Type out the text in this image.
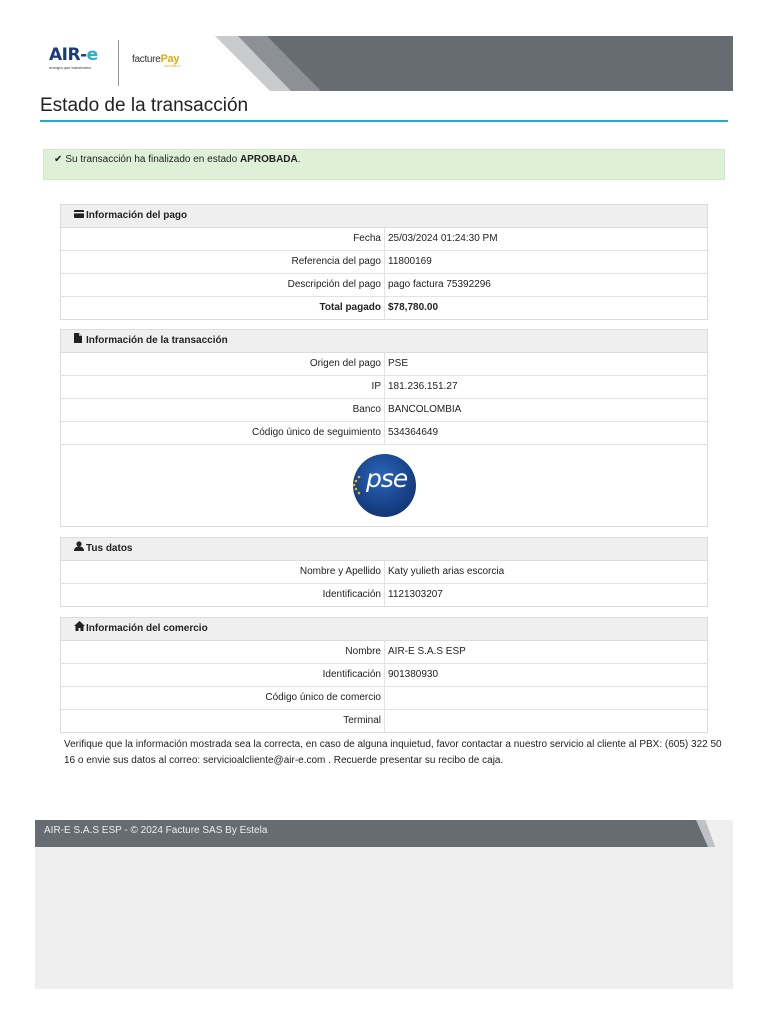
AIR-e
energía que transforma
facturePay
FACTURE.CO
Estado de la transacción
✔ Su transacción ha finalizado en estado APROBADA.
Información del pago
Fecha 25/03/2024 01:24:30 PM
Referencia del pago 11800169
Descripción del pago pago factura 75392296
Total pagado $78,780.00
Información de la transacción
Origen del pago PSE
IP 181.236.151.27
Banco BANCOLOMBIA
Código único de seguimiento 534364649
pse
Tus datos
Nombre y Apellido Katy yulieth arias escorcia
Identificación 1121303207
Información del comercio
Nombre AIR-E S.A.S ESP
Identificación 901380930
Código único de comercio
Terminal
Verifique que la información mostrada sea la correcta, en caso de alguna inquietud, favor contactar a nuestro servicio al cliente al PBX: (605) 322 50 16 o envie sus datos al correo: servicioalcliente@air-e.com . Recuerde presentar su recibo de caja.
AIR-E S.A.S ESP - © 2024 Facture SAS By Estela
